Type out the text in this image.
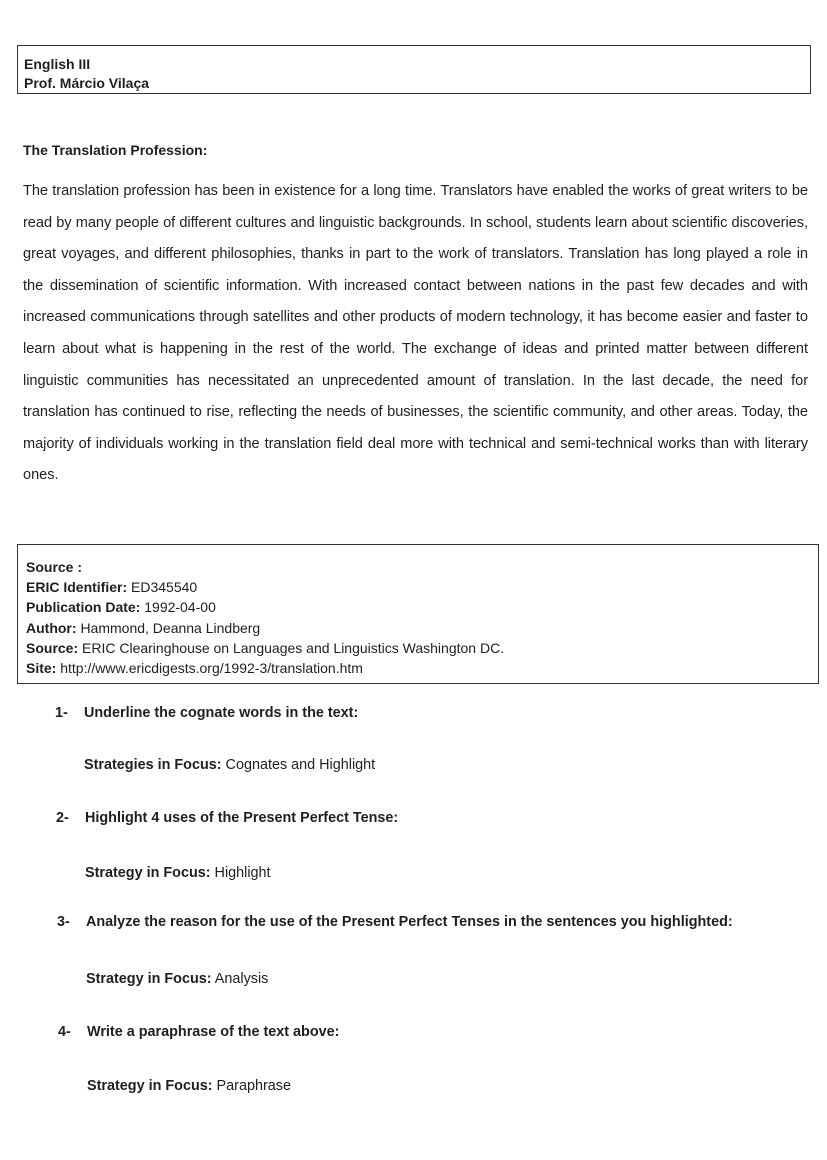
English III
Prof. Márcio Vilaça
The Translation Profession:

The translation profession has been in existence for a long time. Translators have enabled the works of great writers to be read by many people of different cultures and linguistic backgrounds. In school, students learn about scientific discoveries, great voyages, and different philosophies, thanks in part to the work of translators. Translation has long played a role in the dissemination of scientific information. With increased contact between nations in the past few decades and with increased communications through satellites and other products of modern technology, it has become easier and faster to learn about what is happening in the rest of the world. The exchange of ideas and printed matter between different linguistic communities has necessitated an unprecedented amount of translation. In the last decade, the need for translation has continued to rise, reflecting the needs of businesses, the scientific community, and other areas. Today, the majority of individuals working in the translation field deal more with technical and semi-technical works than with literary ones.

Source :
ERIC Identifier: ED345540
Publication Date: 1992-04-00
Author: Hammond, Deanna Lindberg
Source: ERIC Clearinghouse on Languages and Linguistics Washington DC.
Site: http://www.ericdigests.org/1992-3/translation.htm
1- Underline the cognate words in the text:
Strategies in Focus: Cognates and Highlight
2- Highlight 4 uses of the Present Perfect Tense:
Strategy in Focus: Highlight
3- Analyze the reason for the use of the Present Perfect Tenses in the sentences you highlighted:
Strategy in Focus: Analysis
4- Write a paraphrase of the text above:
Strategy in Focus: Paraphrase
